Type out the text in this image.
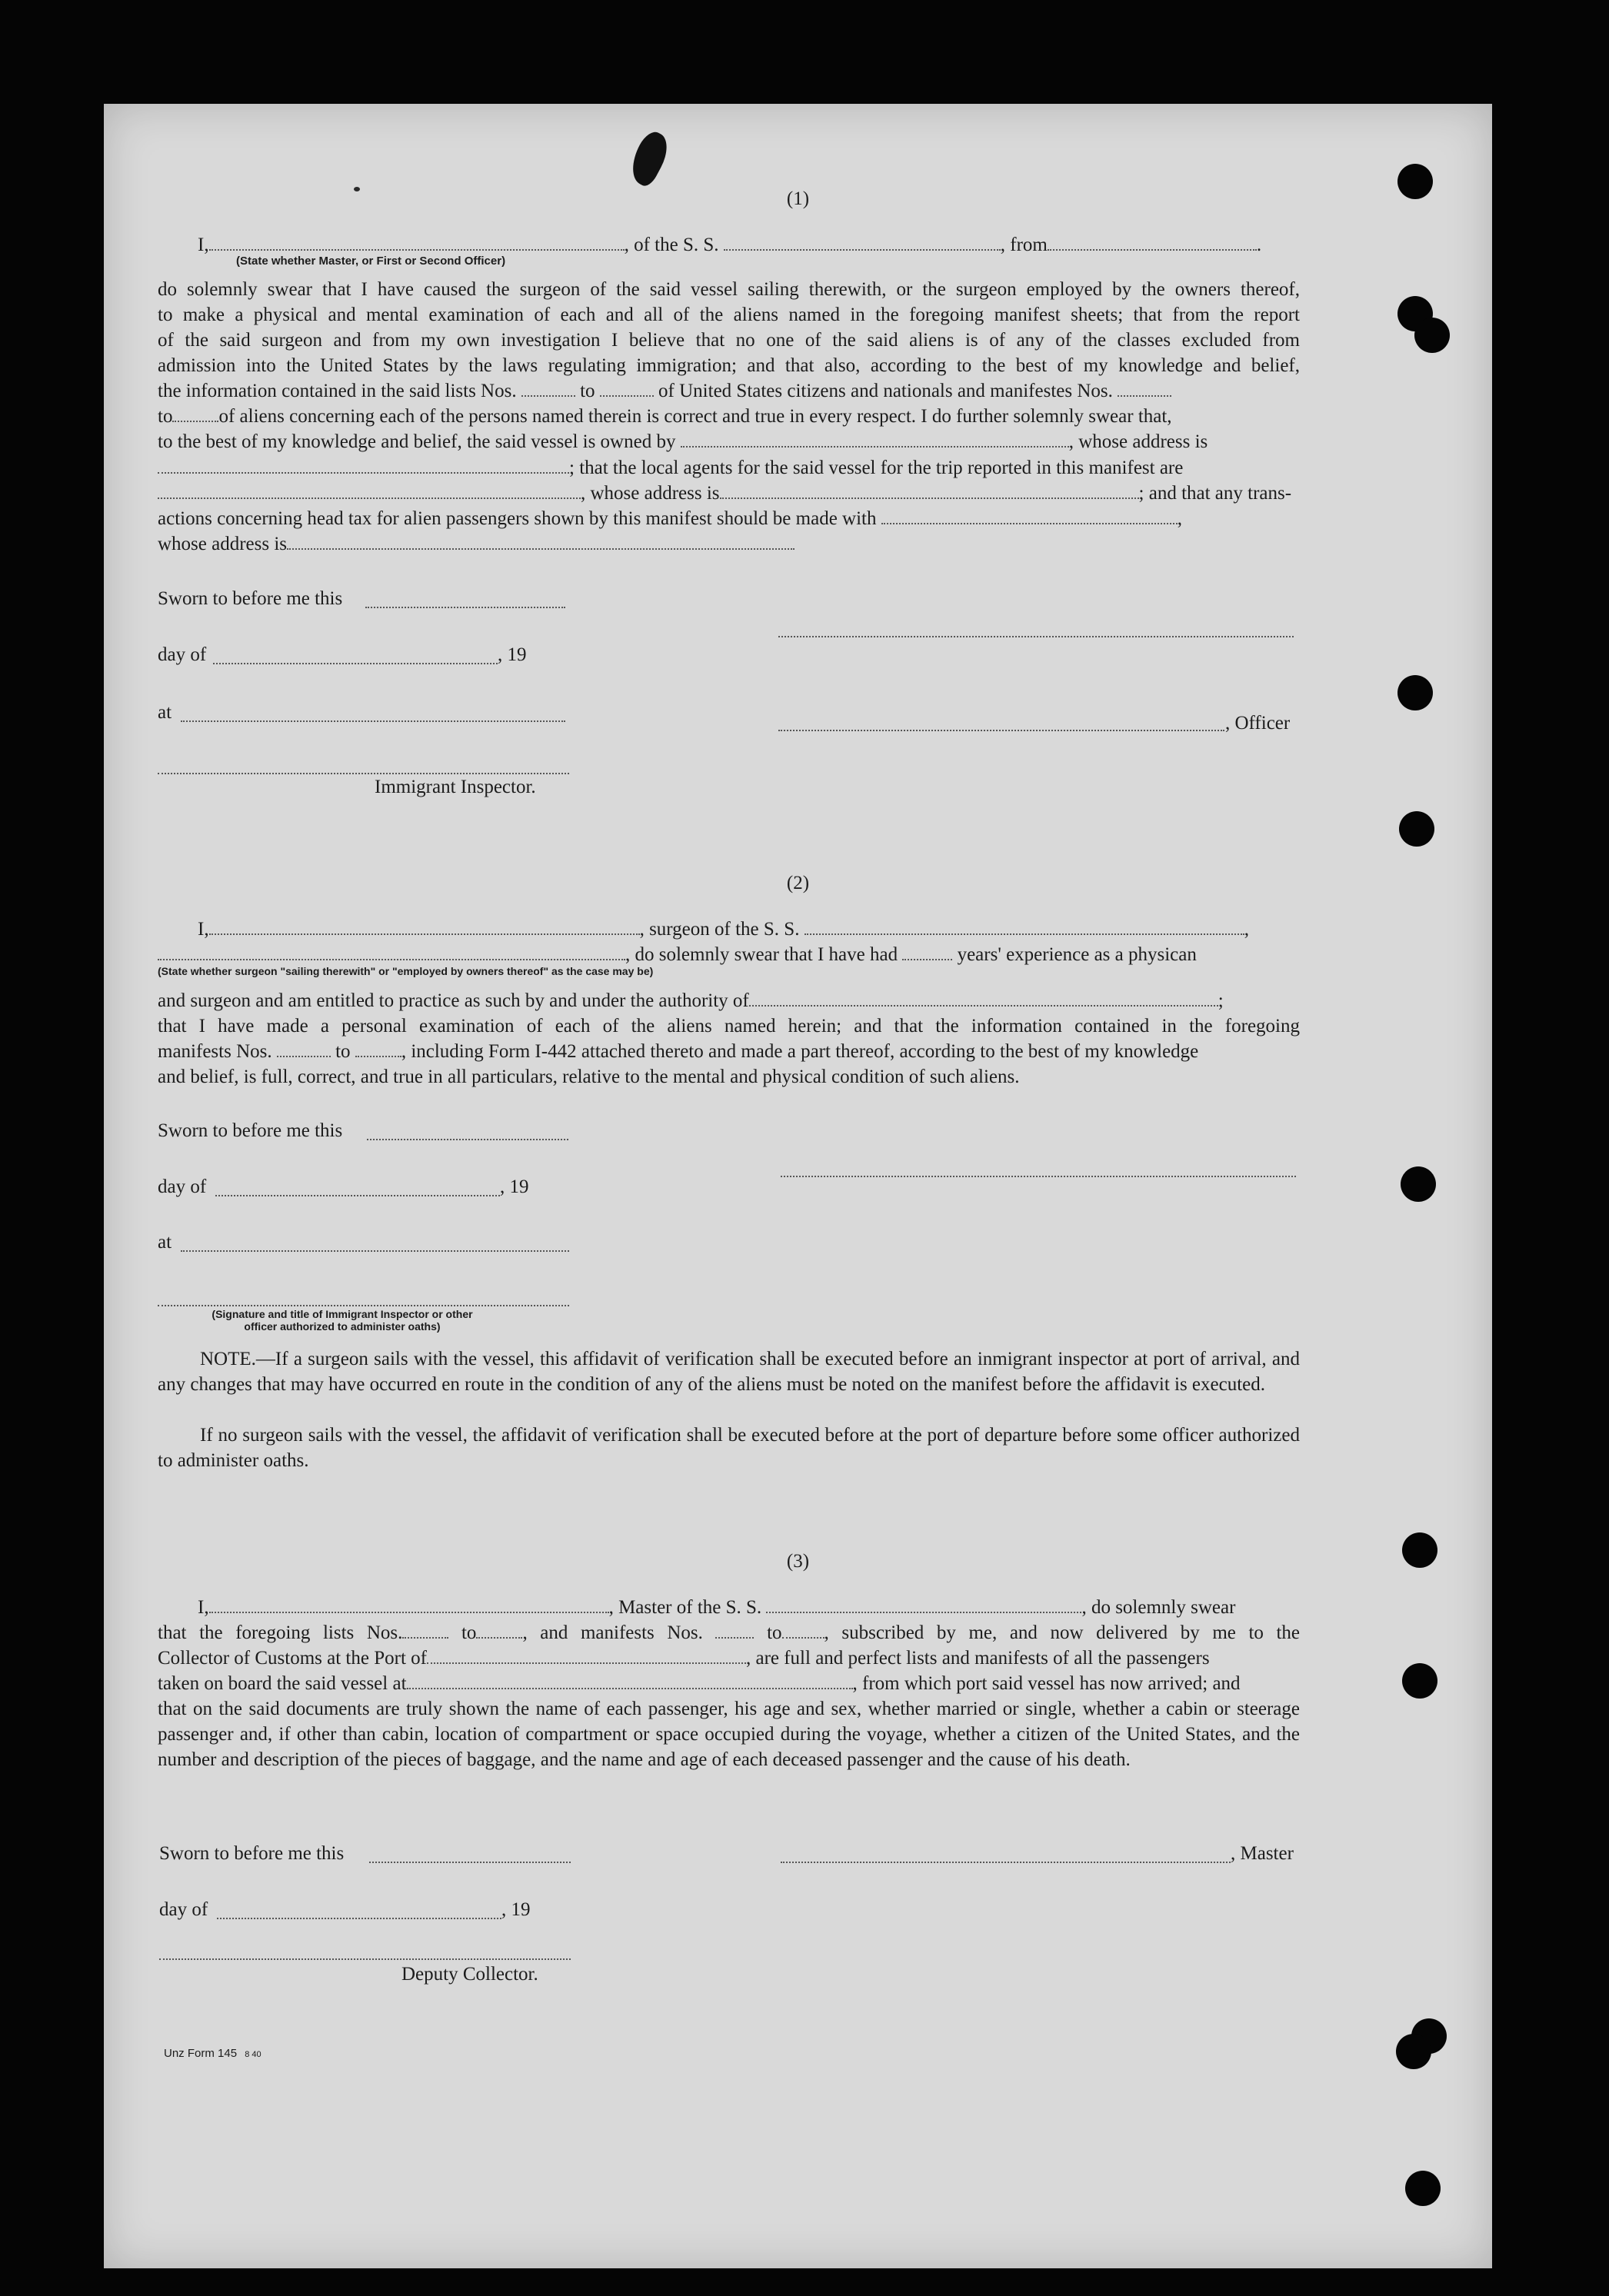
(1)
I,	, of the S. S.	, from	.
(State whether Master, or First or Second Officer)
do solemnly swear that I have caused the surgeon of the said vessel sailing therewith, or the surgeon employed by the owners thereof,
to make a physical and mental examination of each and all of the aliens named in the foregoing manifest sheets; that from the report
of the said surgeon and from my own investigation I believe that no one of the said aliens is of any of the classes excluded from
admission into the United States by the laws regulating immigration; and that also, according to the best of my knowledge and belief,
the information contained in the said lists Nos.	to	of United States citizens and nationals and manifestes Nos.
to of aliens concerning each of the persons named therein is correct and true in every respect. I do further solemnly swear that,
to the best of my knowledge and belief, the said vessel is owned by	, whose address is
; that the local agents for the said vessel for the trip reported in this manifest are
, whose address is	; and that any trans-
actions concerning head tax for alien passengers shown by this manifest should be made with	,
whose address is
Sworn to before me this
day of	, 19
at
, Officer
Immigrant Inspector.
(2)
I,	, surgeon of the S. S.	,
, do solemnly swear that I have had	years' experience as a physican
(State whether surgeon "sailing therewith" or "employed by owners thereof" as the case may be)
and surgeon and am entitled to practice as such by and under the authority of	;
that I have made a personal examination of each of the aliens named herein; and that the information contained in the foregoing
manifests Nos.	to	, including Form I-442 attached thereto and made a part thereof, according to the best of my knowledge
and belief, is full, correct, and true in all particulars, relative to the mental and physical condition of such aliens.
Sworn to before me this
day of	, 19
at
(Signature and title of Immigrant Inspector or other
officer authorized to administer oaths)
NOTE.—If a surgeon sails with the vessel, this affidavit of verification shall be executed before an inmigrant inspector at port of arrival, and any changes that may have occurred en route in the condition of any of the aliens must be noted on the manifest before the affidavit is executed.
If no surgeon sails with the vessel, the affidavit of verification shall be executed before at the port of departure before some officer authorized to administer oaths.
(3)
I,	, Master of the S. S.	, do solemnly swear
that the foregoing lists Nos.	to , and manifests Nos.	to , subscribed by me, and now delivered by me to the
Collector of Customs at the Port of	, are full and perfect lists and manifests of all the passengers
taken on board the said vessel at	, from which port said vessel has now arrived; and
that on the said documents are truly shown the name of each passenger, his age and sex, whether married or single, whether a cabin or steerage passenger and, if other than cabin, location of compartment or space occupied during the voyage, whether a citizen of the United States, and the number and description of the pieces of baggage, and the name and age of each deceased passenger and the cause of his death.
Sworn to before me this	, Master
day of	, 19
Deputy Collector.
Unz Form 145 8 40
